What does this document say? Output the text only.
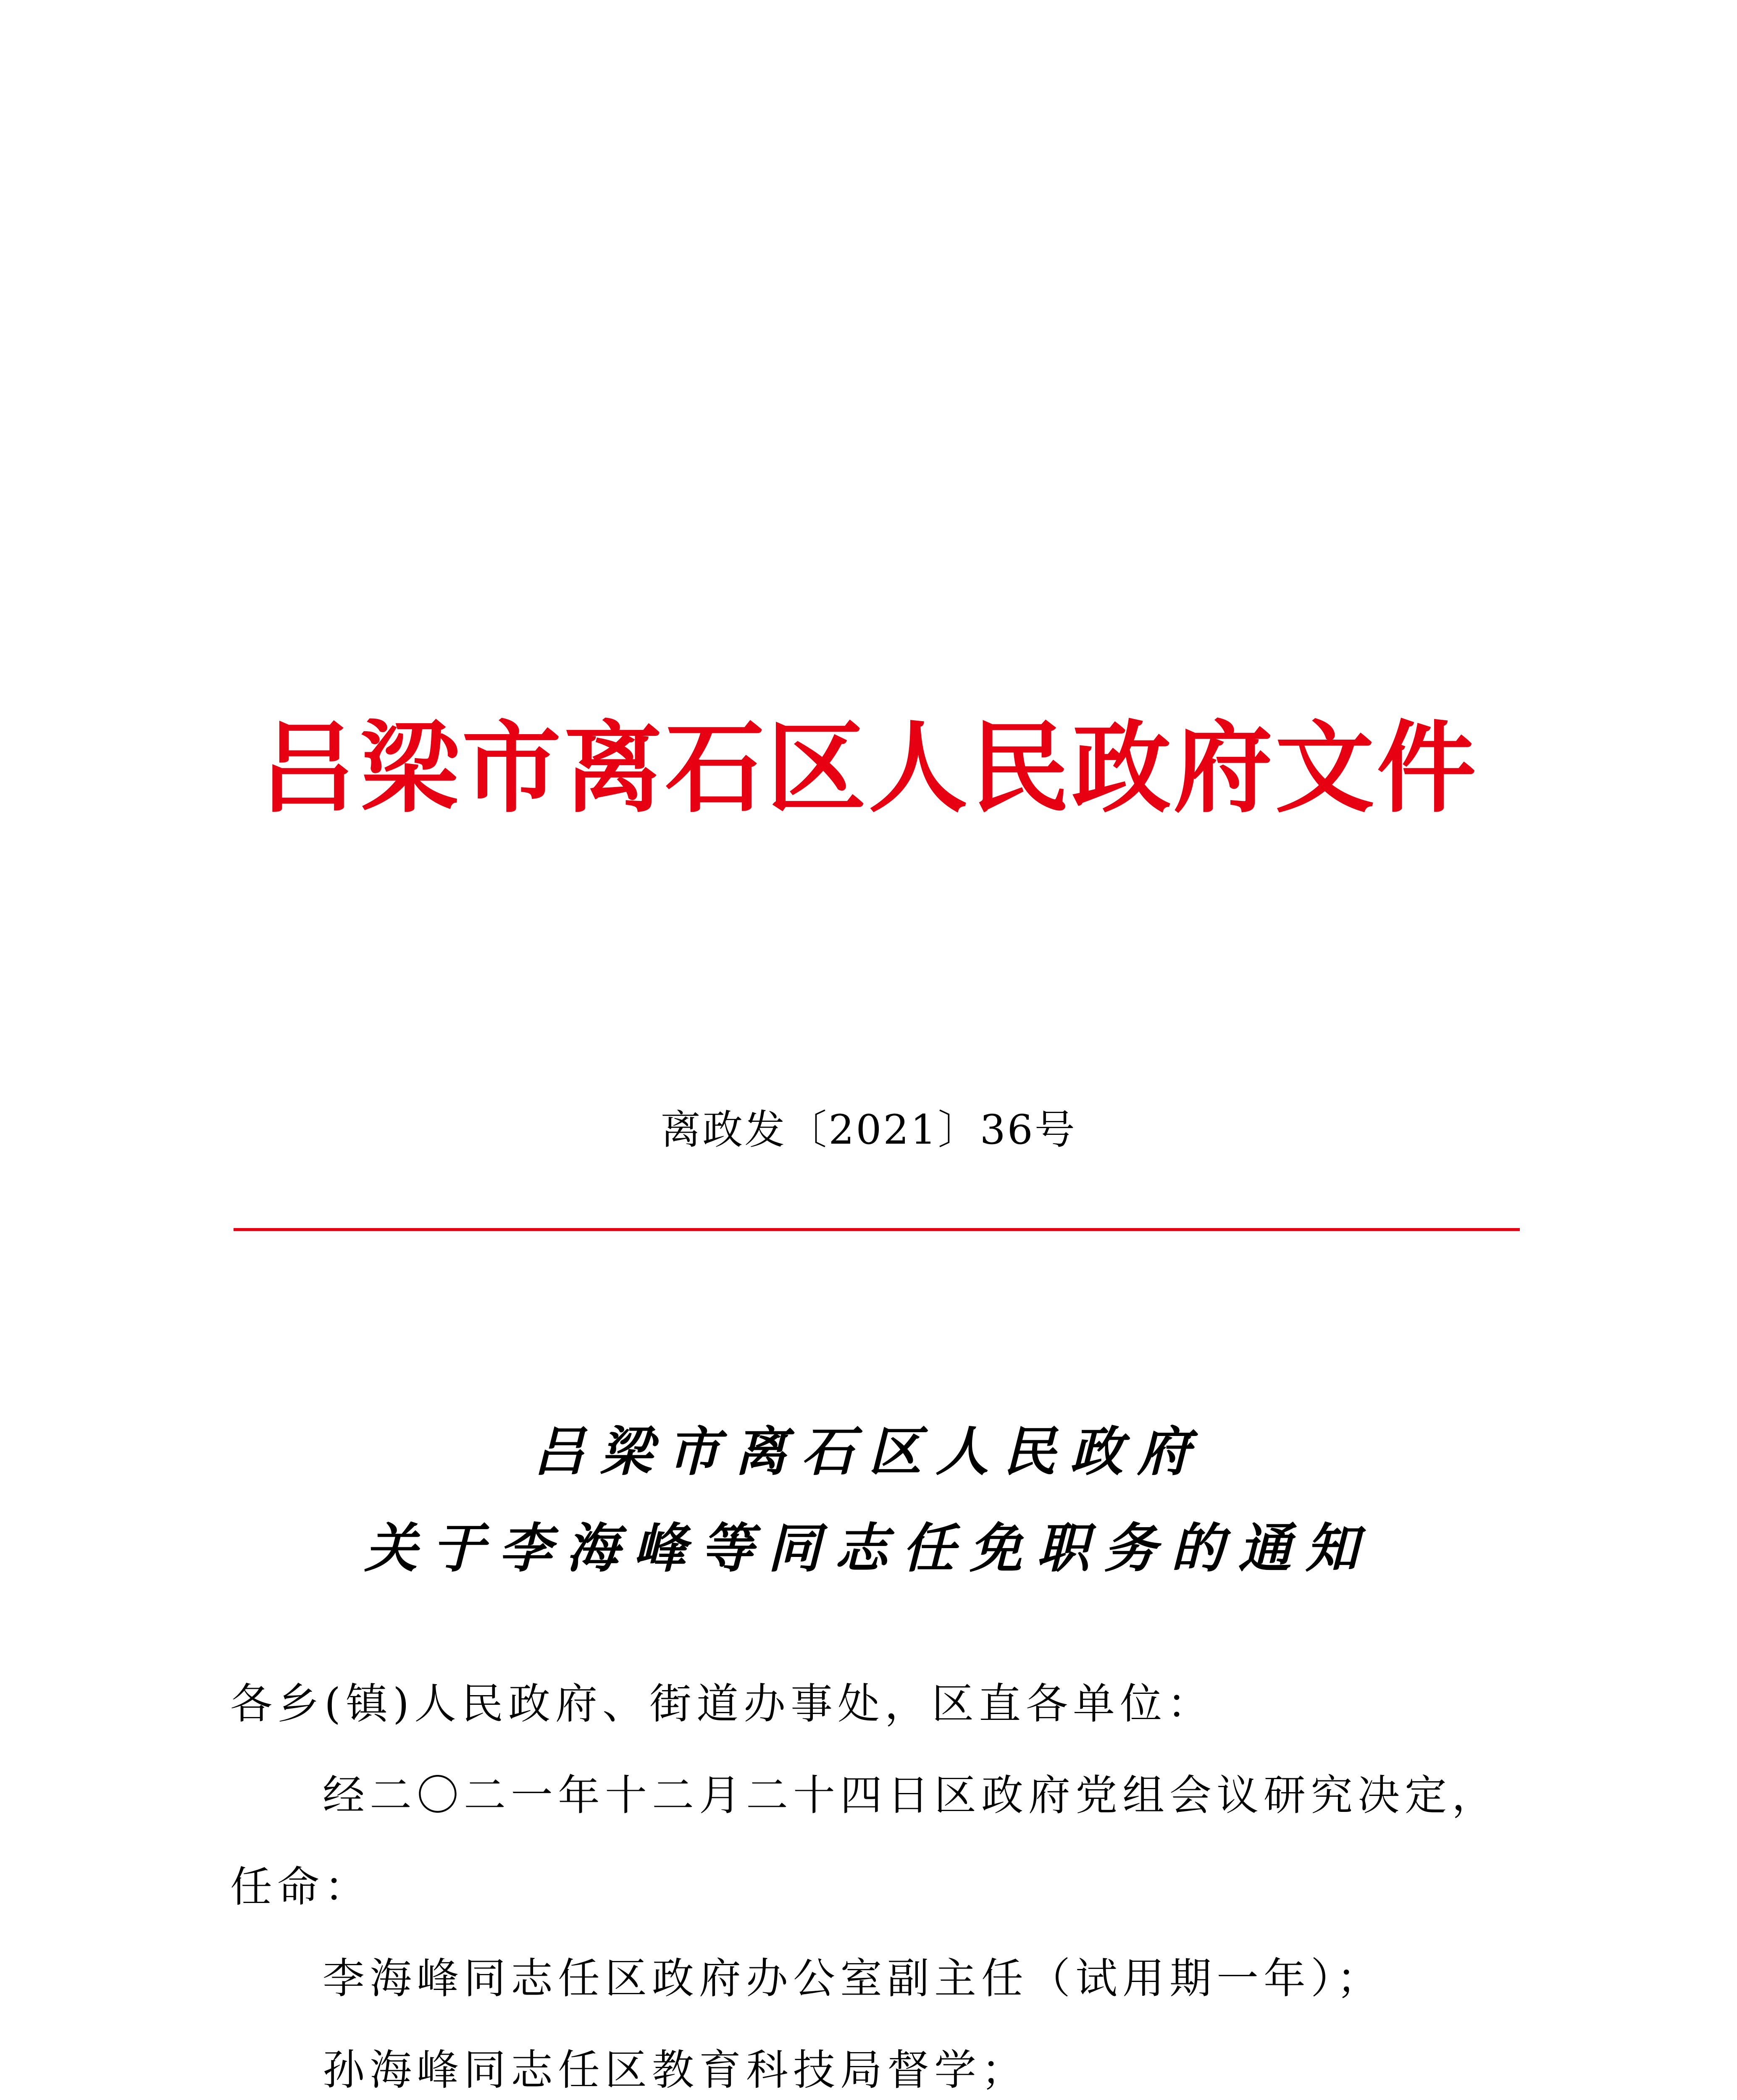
吕梁市离石区人民政府文件
离政发〔2021〕36号
吕梁市离石区人民政府
关于李海峰等同志任免职务的通知
各乡(镇)人民政府、街道办事处，区直各单位：
经二〇二一年十二月二十四日区政府党组会议研究决定，
任命：
李海峰同志任区政府办公室副主任（试用期一年）；
孙海峰同志任区教育科技局督学；
